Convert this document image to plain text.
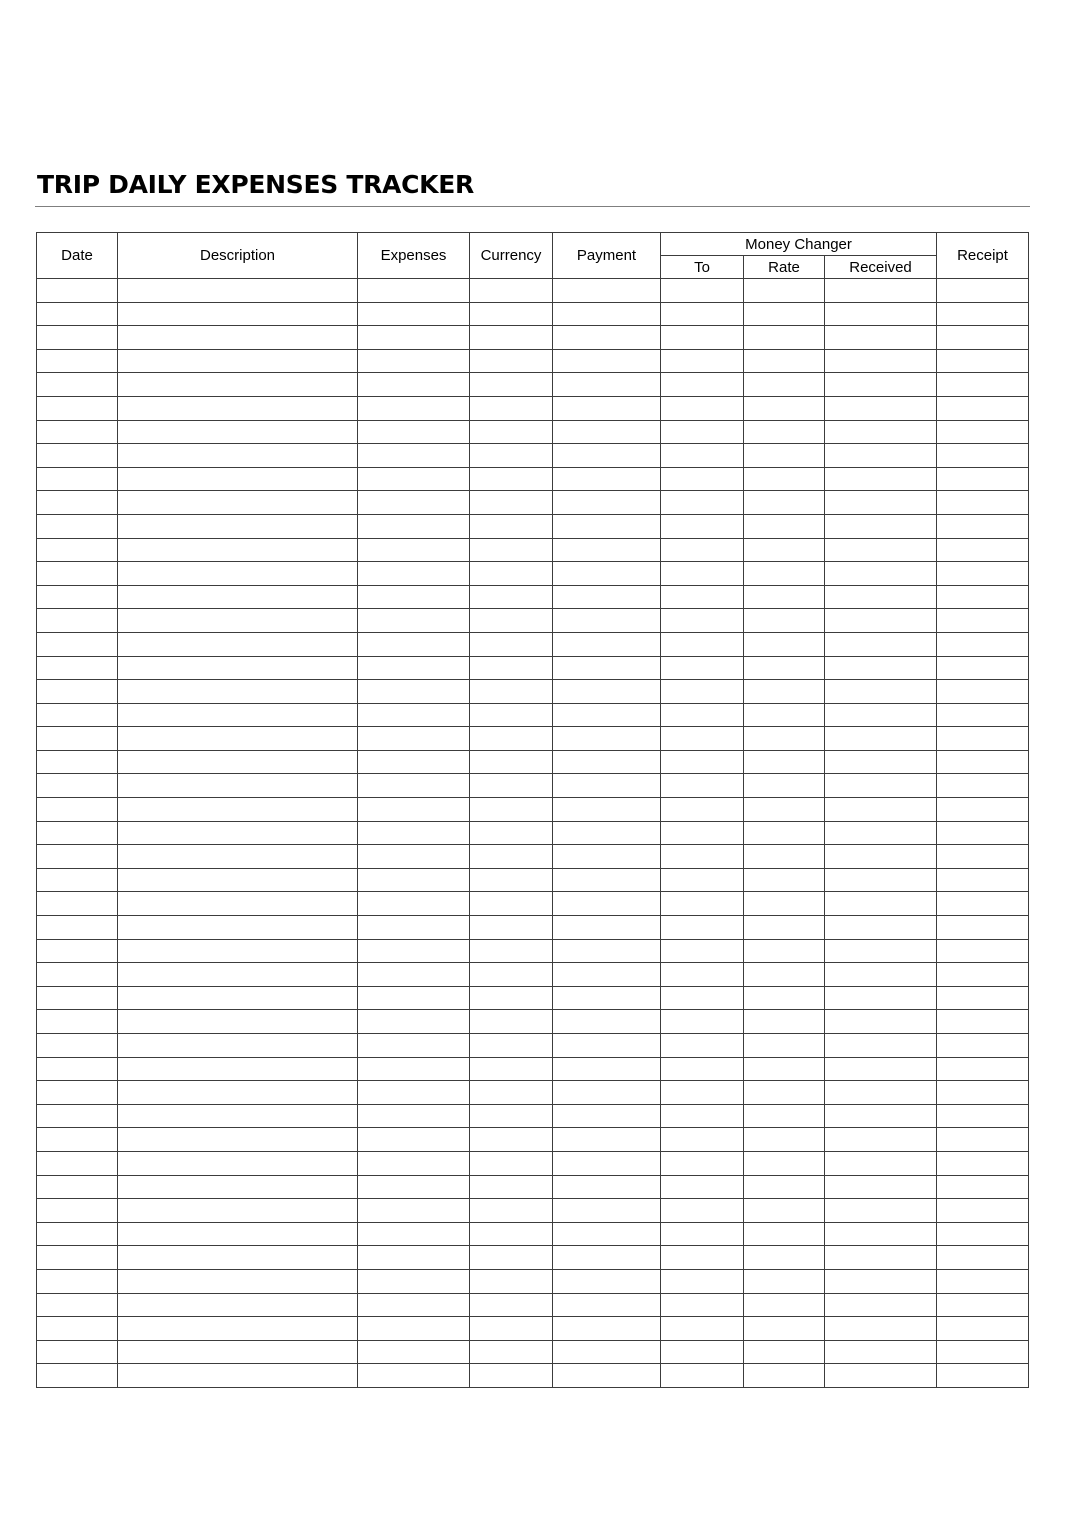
TRIP DAILY EXPENSES TRACKER
Date	Description	Expenses	Currency	Payment	Money Changer			Receipt
					To	Rate	Received	
